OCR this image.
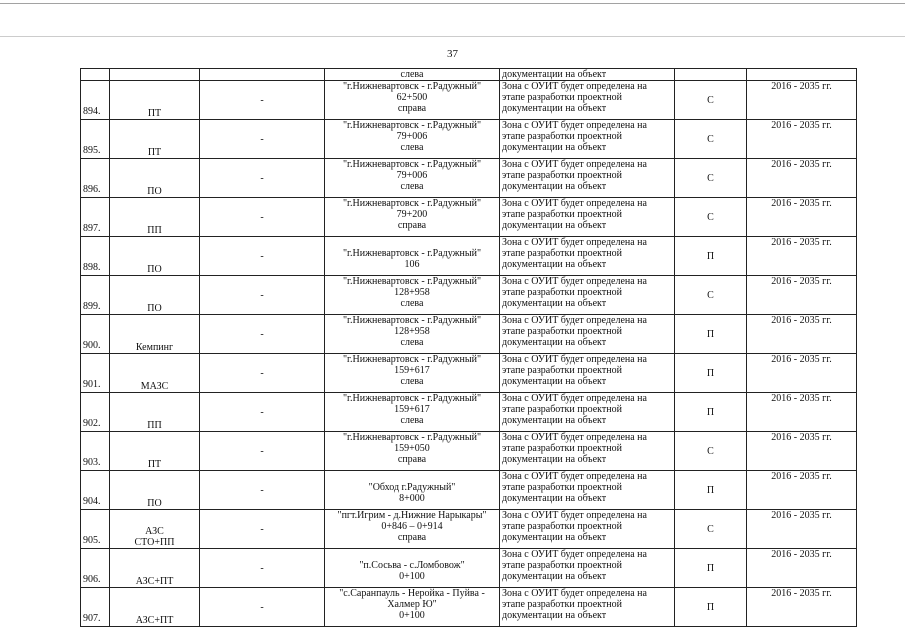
37
			слева	документации на объект		
894.	ПТ	-	"г.Нижневартовск - г.Радужный"
62+500
справа	Зона с ОУИТ будет определена на
этапе разработки проектной
документации на объект	С	2016 - 2035 гг.
895.	ПТ	-	"г.Нижневартовск - г.Радужный"
79+006
слева	Зона с ОУИТ будет определена на
этапе разработки проектной
документации на объект	С	2016 - 2035 гг.
896.	ПО	-	"г.Нижневартовск - г.Радужный"
79+006
слева	Зона с ОУИТ будет определена на
этапе разработки проектной
документации на объект	С	2016 - 2035 гг.
897.	ПП	-	"г.Нижневартовск - г.Радужный"
79+200
справа	Зона с ОУИТ будет определена на
этапе разработки проектной
документации на объект	С	2016 - 2035 гг.
898.	ПО	-	"г.Нижневартовск - г.Радужный"
106	Зона с ОУИТ будет определена на
этапе разработки проектной
документации на объект	П	2016 - 2035 гг.
899.	ПО	-	"г.Нижневартовск - г.Радужный"
128+958
слева	Зона с ОУИТ будет определена на
этапе разработки проектной
документации на объект	С	2016 - 2035 гг.
900.	Кемпинг	-	"г.Нижневартовск - г.Радужный"
128+958
слева	Зона с ОУИТ будет определена на
этапе разработки проектной
документации на объект	П	2016 - 2035 гг.
901.	МАЗС	-	"г.Нижневартовск - г.Радужный"
159+617
слева	Зона с ОУИТ будет определена на
этапе разработки проектной
документации на объект	П	2016 - 2035 гг.
902.	ПП	-	"г.Нижневартовск - г.Радужный"
159+617
слева	Зона с ОУИТ будет определена на
этапе разработки проектной
документации на объект	П	2016 - 2035 гг.
903.	ПТ	-	"г.Нижневартовск - г.Радужный"
159+050
справа	Зона с ОУИТ будет определена на
этапе разработки проектной
документации на объект	С	2016 - 2035 гг.
904.	ПО	-	"Обход г.Радужный"
8+000	Зона с ОУИТ будет определена на
этапе разработки проектной
документации на объект	П	2016 - 2035 гг.
905.	АЗС
СТО+ПП	-	"пгт.Игрим - д.Нижние Нарыкары"
0+846 – 0+914
справа	Зона с ОУИТ будет определена на
этапе разработки проектной
документации на объект	С	2016 - 2035 гг.
906.	АЗС+ПТ	-	"п.Сосьва - с.Ломбовож"
0+100	Зона с ОУИТ будет определена на
этапе разработки проектной
документации на объект	П	2016 - 2035 гг.
907.	АЗС+ПТ	-	"с.Саранпауль - Неройка - Пуйва -
Халмер Ю"
0+100	Зона с ОУИТ будет определена на
этапе разработки проектной
документации на объект	П	2016 - 2035 гг.
